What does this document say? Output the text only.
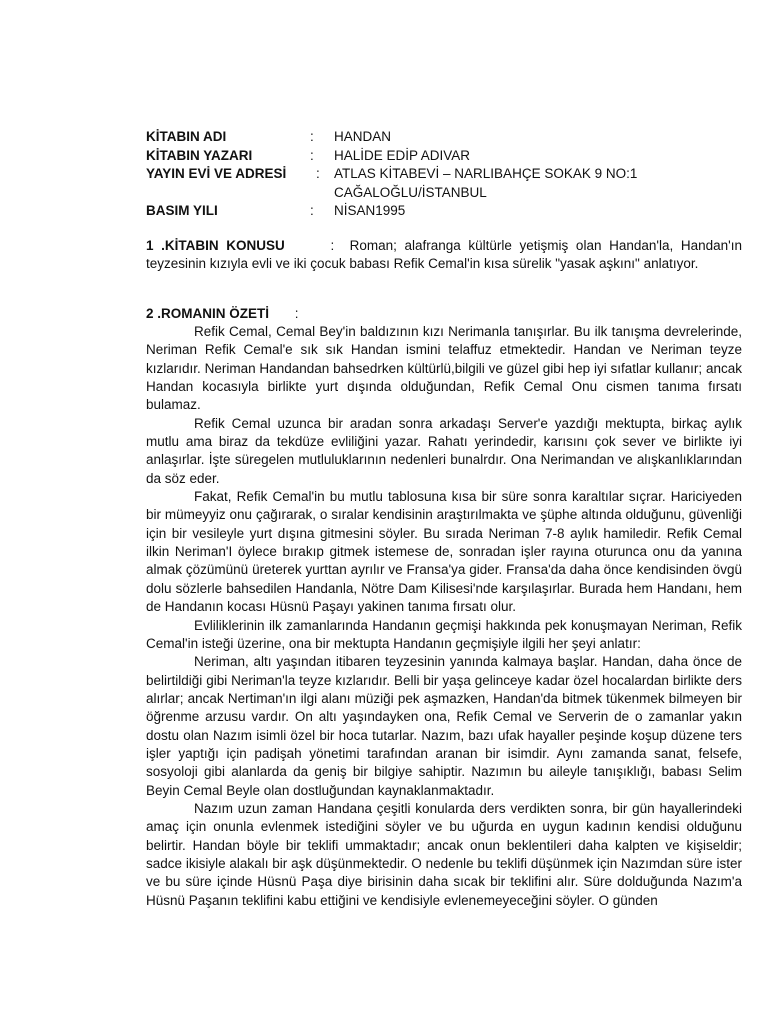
KİTABIN ADI	:	HANDAN
KİTABIN YAZARI	:	HALİDE EDİP ADIVAR
YAYIN EVİ VE ADRESİ	:	ATLAS KİTABEVİ – NARLIBAHÇE SOKAK 9 NO:1
CAĞALOĞLU/İSTANBUL
BASIM YILI	:	NİSAN1995
1 .KİTABIN KONUSU      :  Roman; alafranga kültürle yetişmiş olan Handan'la, Handan'ın teyzesinin kızıyla evli ve iki çocuk babası Refik Cemal'in kısa sürelik "yasak aşkını" anlatıyor.
2 .ROMANIN ÖZETİ :

Refik Cemal, Cemal Bey'in baldızının kızı Nerimanla tanışırlar. Bu ilk tanışma devrelerinde, Neriman Refik Cemal'e sık sık Handan ismini telaffuz etmektedir. Handan ve Neriman teyze kızlarıdır. Neriman Handandan bahsedrken kültürlü,bilgili ve güzel gibi hep iyi sıfatlar kullanır; ancak Handan kocasıyla birlikte yurt dışında olduğundan, Refik Cemal Onu cismen tanıma fırsatı bulamaz.

Refik Cemal uzunca bir aradan sonra arkadaşı Server'e yazdığı mektupta, birkaç aylık mutlu ama biraz da tekdüze evliliğini yazar. Rahatı yerindedir, karısını çok sever ve birlikte iyi anlaşırlar. İşte süregelen mutluluklarının nedenleri bunalrdır. Ona Nerimandan ve alışkanlıklarından da söz eder.

Fakat, Refik Cemal'in bu mutlu tablosuna kısa bir süre sonra karaltılar sıçrar. Hariciyeden bir mümeyyiz onu çağırarak, o sıralar kendisinin araştırılmakta ve şüphe altında olduğunu, güvenliği için bir vesileyle yurt dışına gitmesini söyler. Bu sırada Neriman 7-8 aylık hamiledir. Refik Cemal ilkin Neriman'I öylece bırakıp gitmek istemese de, sonradan işler rayına oturunca onu da yanına almak çözümünü üreterek yurttan ayrılır ve Fransa'ya gider. Fransa'da daha önce kendisinden övgü dolu sözlerle bahsedilen Handanla, Nötre Dam Kilisesi'nde karşılaşırlar. Burada hem Handanı, hem de Handanın kocası Hüsnü Paşayı yakinen tanıma fırsatı olur.

Evliliklerinin ilk zamanlarında Handanın geçmişi hakkında pek konuşmayan Neriman, Refik Cemal'in isteği üzerine, ona bir mektupta Handanın geçmişiyle ilgili her şeyi anlatır:

Neriman, altı yaşından itibaren teyzesinin yanında kalmaya başlar. Handan, daha önce de belirtildiği gibi Neriman'la teyze kızlarıdır. Belli bir yaşa gelinceye kadar özel hocalardan birlikte ders alırlar; ancak Nertiman'ın ilgi alanı müziği pek aşmazken, Handan'da bitmek tükenmek bilmeyen bir öğrenme arzusu vardır. On altı yaşındayken ona, Refik Cemal ve Serverin de o zamanlar yakın dostu olan Nazım isimli özel bir hoca tutarlar. Nazım, bazı ufak hayaller peşinde koşup düzene ters işler yaptığı için padişah yönetimi tarafından aranan bir isimdir. Aynı zamanda sanat, felsefe, sosyoloji gibi alanlarda da geniş bir bilgiye sahiptir. Nazımın bu aileyle tanışıklığı, babası Selim Beyin Cemal Beyle olan dostluğundan kaynaklanmaktadır.

Nazım uzun zaman Handana çeşitli konularda ders verdikten sonra, bir gün hayallerindeki amaç için onunla evlenmek istediğini söyler ve bu uğurda en uygun kadının kendisi olduğunu belirtir. Handan böyle bir teklifi ummaktadır; ancak onun beklentileri daha kalpten ve kişiseldir; sadce ikisiyle alakalı bir aşk düşünmektedir. O nedenle bu teklifi düşünmek için Nazımdan süre ister ve bu süre içinde Hüsnü Paşa diye birisinin daha sıcak bir teklifini alır. Süre dolduğunda Nazım'a Hüsnü Paşanın teklifini kabu ettiğini ve kendisiyle evlenemeyeceğini söyler. O günden
